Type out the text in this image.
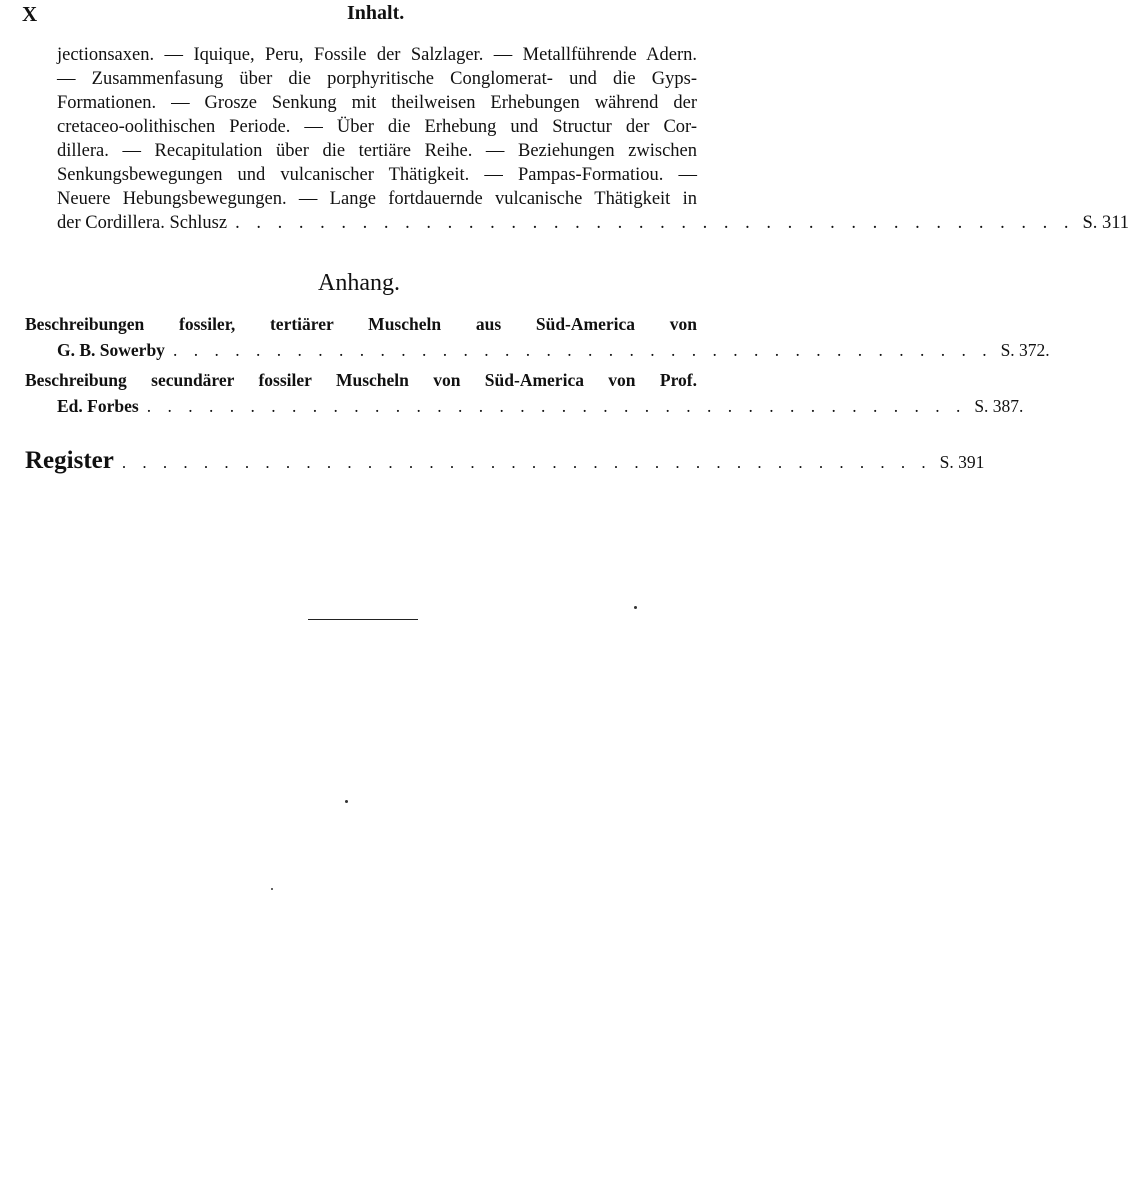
X	Inhalt.
jectionsaxen. — Iquique, Peru, Fossile der Salzlager. — Metallführende Adern.
— Zusammenfasung über die porphyritische Conglomerat- und die Gyps-
Formationen. — Grosze Senkung mit theilweisen Erhebungen während der
cretaceo-oolithischen Periode. — Über die Erhebung und Structur der Cor-
dillera. — Recapitulation über die tertiäre Reihe. — Beziehungen zwischen
Senkungsbewegungen und vulcanischer Thätigkeit. — Pampas-Formatiou. —
Neuere Hebungsbewegungen. — Lange fortdauernde vulcanische Thätigkeit in
der Cordillera. Schlusz . . . . . . . . . . . . . . . . . . . . . . . . . . . . . . . . . . . . . . . . S. 311
Anhang.
Beschreibungen fossiler, tertiärer Muscheln aus Süd-America von
G. B. Sowerby . . . . . . . . . . . . . . . . . . . . . . . . . . . . . . . . . . . . . . . . S. 372.
Beschreibung secundärer fossiler Muscheln von Süd-America von Prof.
Ed. Forbes . . . . . . . . . . . . . . . . . . . . . . . . . . . . . . . . . . . . . . . . S. 387.
Register . . . . . . . . . . . . . . . . . . . . . . . . . . . . . . . . . . . . . . . . S. 391
